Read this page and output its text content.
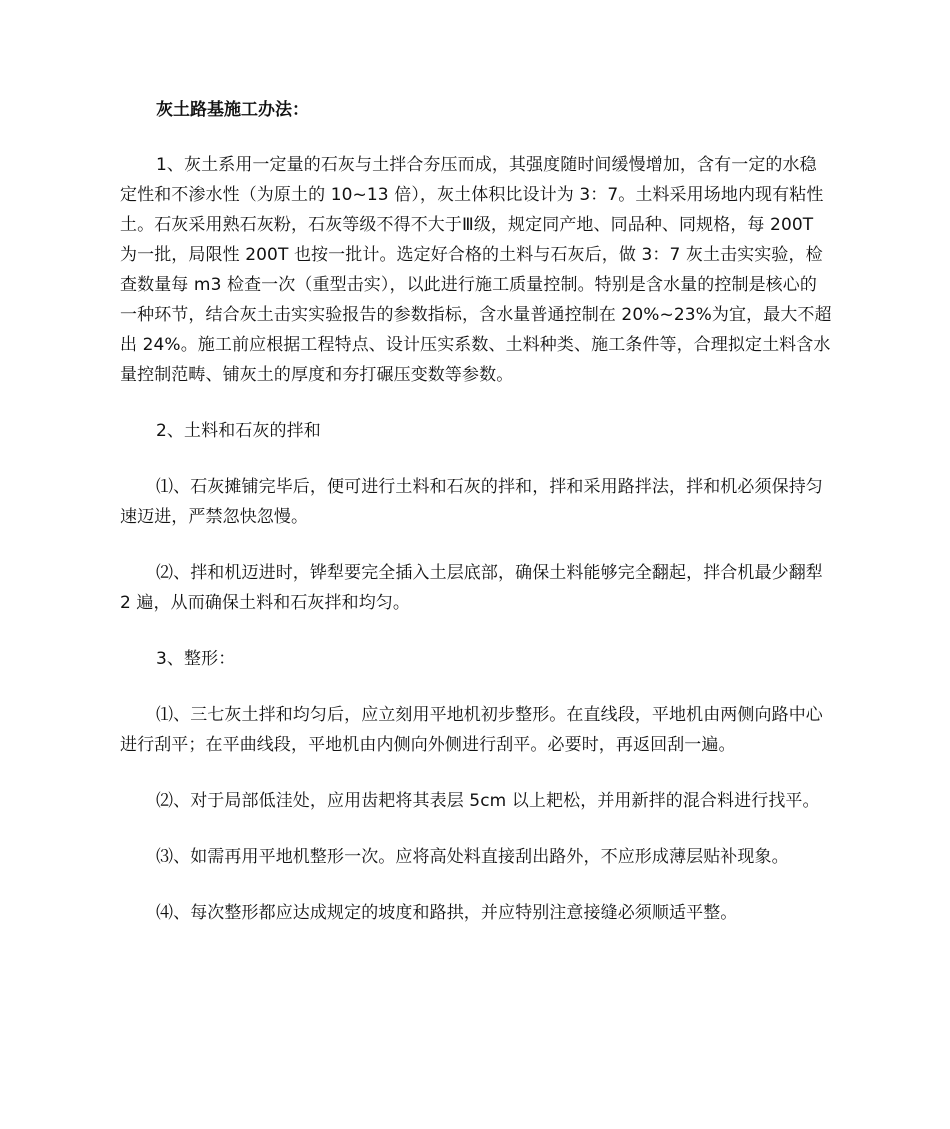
灰土路基施工办法：
1、灰土系用一定量的石灰与土拌合夯压而成，其强度随时间缓慢增加，含有一定的水稳定性和不渗水性（为原土的 10~13 倍），灰土体积比设计为 3：7。土料采用场地内现有粘性土。石灰采用熟石灰粉，石灰等级不得不大于Ⅲ级，规定同产地、同品种、同规格，每 200T 为一批，局限性 200T 也按一批计。选定好合格的土料与石灰后，做 3：7 灰土击实实验，检查数量每 m3 检查一次（重型击实），以此进行施工质量控制。特别是含水量的控制是核心的一种环节，结合灰土击实实验报告的参数指标，含水量普通控制在 20%~23%为宜，最大不超出 24%。施工前应根据工程特点、设计压实系数、土料种类、施工条件等，合理拟定土料含水量控制范畴、铺灰土的厚度和夯打碾压变数等参数。
2、土料和石灰的拌和
⑴、石灰摊铺完毕后，便可进行土料和石灰的拌和，拌和采用路拌法，拌和机必须保持匀速迈进，严禁忽快忽慢。
⑵、拌和机迈进时，铧犁要完全插入土层底部，确保土料能够完全翻起，拌合机最少翻犁 2 遍，从而确保土料和石灰拌和均匀。
3、整形：
⑴、三七灰土拌和均匀后，应立刻用平地机初步整形。在直线段，平地机由两侧向路中心进行刮平；在平曲线段，平地机由内侧向外侧进行刮平。必要时，再返回刮一遍。
⑵、对于局部低洼处，应用齿耙将其表层 5cm 以上耙松，并用新拌的混合料进行找平。
⑶、如需再用平地机整形一次。应将高处料直接刮出路外，不应形成薄层贴补现象。
⑷、每次整形都应达成规定的坡度和路拱，并应特别注意接缝必须顺适平整。
